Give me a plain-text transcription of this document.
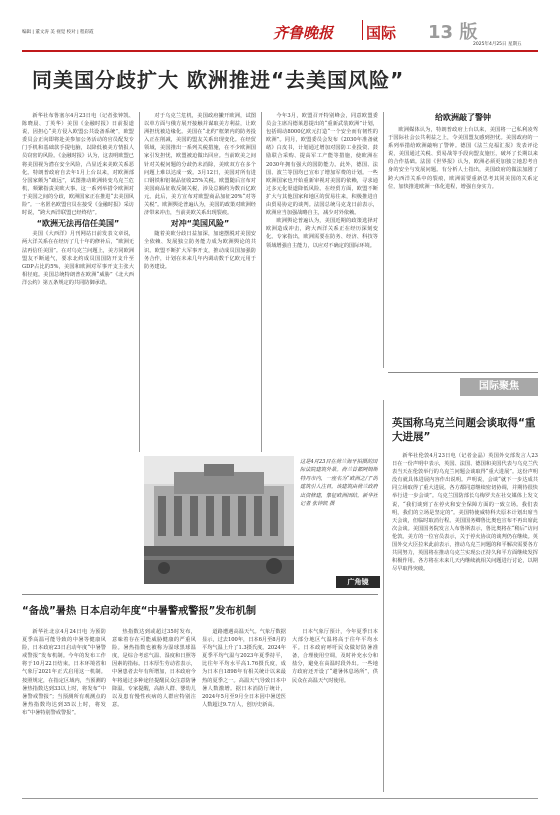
编辑 | 董文涛 美 视觉 校对 | 程彩霞	齐鲁晚报 国际 13 版
2025年4月25日 星期五
同美国分歧扩大 欧洲推进“去美国风险”

新华社布鲁塞尔4月23日电（记者张钟凯、陈晓晨、丁英华）美国《金融时报》日前报道说，因担心“美方侵入欧盟公共设备系统”，欧盟委员会正向即将赴美参加公务活动的官员配发专门手机和基础款手提电脑，以降低被美方情报人员窃密的风险。《金融时报》认为，这表明欧盟已将美国视为潜在安全风险，凸显近来美欧关系恶化。特朗普政府自去年1月上台以来，对欧洲部分国家颇为“疏远”，试图推动欧洲转变乌克兰危机，频繁指责美欧大事。这一系列举措令欧洲对于美国之间的分歧，欧洲国家正在推进“去美国风险”。一名匿名欧盟官员在接受《金融时报》采访时说，“跨大西洋联盟已经终结”。

“欧洲无法再信任美国”

美国《大西洋》月刊网站日前发表文章说，两大洋关系在在经历了几十年的修补后，“欧洲无法再信任美国”。在对乌克兰问题上，美方同欧洲盟友不断通气，要求北约成员国国防开支升至GDP占比的5%，美国和欧洲对军事开支主张大相径庭。美国总统特朗普在欧洲“威胁”《北大西洋公约》第五条规定的共同防御承诺。

对于乌克兰危机，美国政府撇开欧洲，试图以单方面与俄方展开接触并谋取美方利益，让欧洲担忧被边缘化。美国在“北约”框架内的防务投入正在削减，美国的盟友关系出现变化。在经贸领域，美国推出一系列关税措施，在不少欧洲国家引发担忧，欧盟被迫做出回应。当前欧美之间针对关税问题的分歧仍未消除，美欧双方在多个问题上难以达成一致。3月12日，美国对所有进口钢铁和铝制品征收25%关税。欧盟随后宣布对美国商品征收反制关税，涉及总额约为数百亿欧元。此后，美方宣布对欧盟商品加征20%“对等关税”。欧洲舆论普遍认为，美国的政策对欧洲经济带来冲击，当前美欧关系出现裂痕。

对冲“美国风险”

随着美欧分歧日益加深，加速摆脱对美国安全依赖、发展独立防务能力成为欧洲舆论的共识。欧盟不断扩大军事开支，推动成员国加强防务合作，计划在未来几年内调动数千亿欧元用于防务建设。

今年3月，欧盟召开特别峰会，同意欧盟委员会主席冯德莱恩提出的“重新武装欧洲”计划，包括调动8000亿欧元打造“一个安全而有韧性的欧洲”。同月，欧盟委员会发布《2030年准备就绪》白皮书，计划通过增加对国防工业投资、鼓励联合采购、提高军工产能等措施，使欧洲在2030年拥有强大的国防能力。此外，德国、法国、波兰等国均已宣布了增加军费的计划。一些欧洲国家也开始重新审视对美国的依赖，寻求通过多元化渠道降低风险。在经贸方面，欧盟不断扩大与其他国家和地区的贸易往来，积极推进自由贸易协定的谈判。法国总统马克龙日前表示，欧洲应当加强战略自主，减少对外依赖。

欧洲舆论普遍认为，美国近期的政策选择对欧洲造成冲击，跨大西洋关系正在经历深刻变化。专家指出，欧洲需要在防务、经济、科技等领域增强自主能力，以应对不确定的国际环境。

给欧洲敲了警钟

欧洲媒体认为，特朗普政府上台以来，美国将一己私利凌驾于国际社会公共利益之上，令美国盟友感到担忧。美国政府的一系列举措给欧洲敲响了警钟。德国《法兰克福汇报》发表评论说，美国通过关税、贸易战等手段向盟友施压，破坏了长期以来的合作基础。法国《世界报》认为，欧洲必须更加独立地思考自身的安全与发展问题。有分析人士指出，美国政府的做法加剧了跨大西洋关系中的裂痕，欧洲需要重新思考其同美国的关系定位，加快推进欧洲一体化进程，增强自身实力。

这是4月23日在荷兰海牙拍摄的国际法院建筑外景。荷兰首都阿姆斯特丹市内，一座名为“欧洲之门”的建筑引人注目。该建筑由荷兰政府出资修建，象征欧洲团结。新华社记者 张钟凯 摄
广角镜
国际聚焦
英国称乌克兰问题会谈取得“重大进展”

新华社伦敦4月23日电（记者金晶）英国外交部发言人23日在一份声明中表示，英国、法国、德国和美国代表与乌克兰代表当天在伦敦举行的乌克兰问题会谈取得“重大进展”。这份声明没有就具体进展内容作出说明。声明说，会谈“就下一步达成共同立场取得了重大进展。各方都同意继续密切协调，并期待很快举行进一步会谈”。乌克兰国防部长乌梅罗夫在社交媒体上发文说，“我们谈到了在停火和安全保障方面的一致立场。我们表明，我们的立场是坚定的”。美国特使威特科夫原本计划出席当天会谈，但临时取消行程。美国国务卿鲁比奥也宣布不再出席此次会谈。美国国务院发言人布鲁斯表示，鲁比奥将在“稍后”访问伦敦。美方的一位官员表示，关于停火协议的谈判仍在继续。英国外交大臣拉米此前表示，推动乌克兰问题的和平解决需要各方共同努力，英国将在推动乌克兰实现公正持久和平方面继续发挥积极作用。各方将在未来几天内继续就相关问题进行讨论，以期尽早取得突破。

“备战”暑热 日本启动年度“中暑警戒警报”发布机制

新华社北京4月24日电 为预防夏季高温可能导致的中暑等健康风险，日本政府23日启动年度“中暑警戒警报”发布机制。今年的发布工作将于10月22日结束。日本环境省和气象厅2021年正式启用这一机制。按照规定，在指定区域内，当预测的暑热指数达到33以上时，将发布“中暑警戒警报”；当预测所有观测点的暑热指数均达到35以上时，将发布“中暑特别警戒警报”。

热指数达到或超过35时发布，意味着存在可能威胁健康的严重风险。暑热指数也被称为湿球黑球温度，是综合考虑气温、湿度和日照等因素的指标。日本厚生劳动省表示，中暑患者去年有所增加，日本政府今年将通过多种途径提醒民众注意防暑降温。专家提醒，高龄人群、婴幼儿以及患有慢性疾病的人群应特别注意。

道路遭遇高温天气。气象厅数据显示，过去100年，日本6月至8月的平均气温上升了1.3摄氏度。2024年夏季平均气温与2023年夏季持平，比往年平均水平高1.76摄氏度，成为日本自1898年有相关统计以来最热的夏季之一。高温天气导致日本中暑人数激增。据日本消防厅统计，2024年5月至9月全日本因中暑送医人数超过9.7万人，创历史新高。

日本气象厅预计，今年夏季日本大部分地区气温将高于往年平均水平。日本政府呼吁民众做好防暑准备，合理使用空调，及时补充水分和盐分，避免在高温时段外出。一些地方政府还开设了“避暑休息场所”，供民众在高温天气时使用。
